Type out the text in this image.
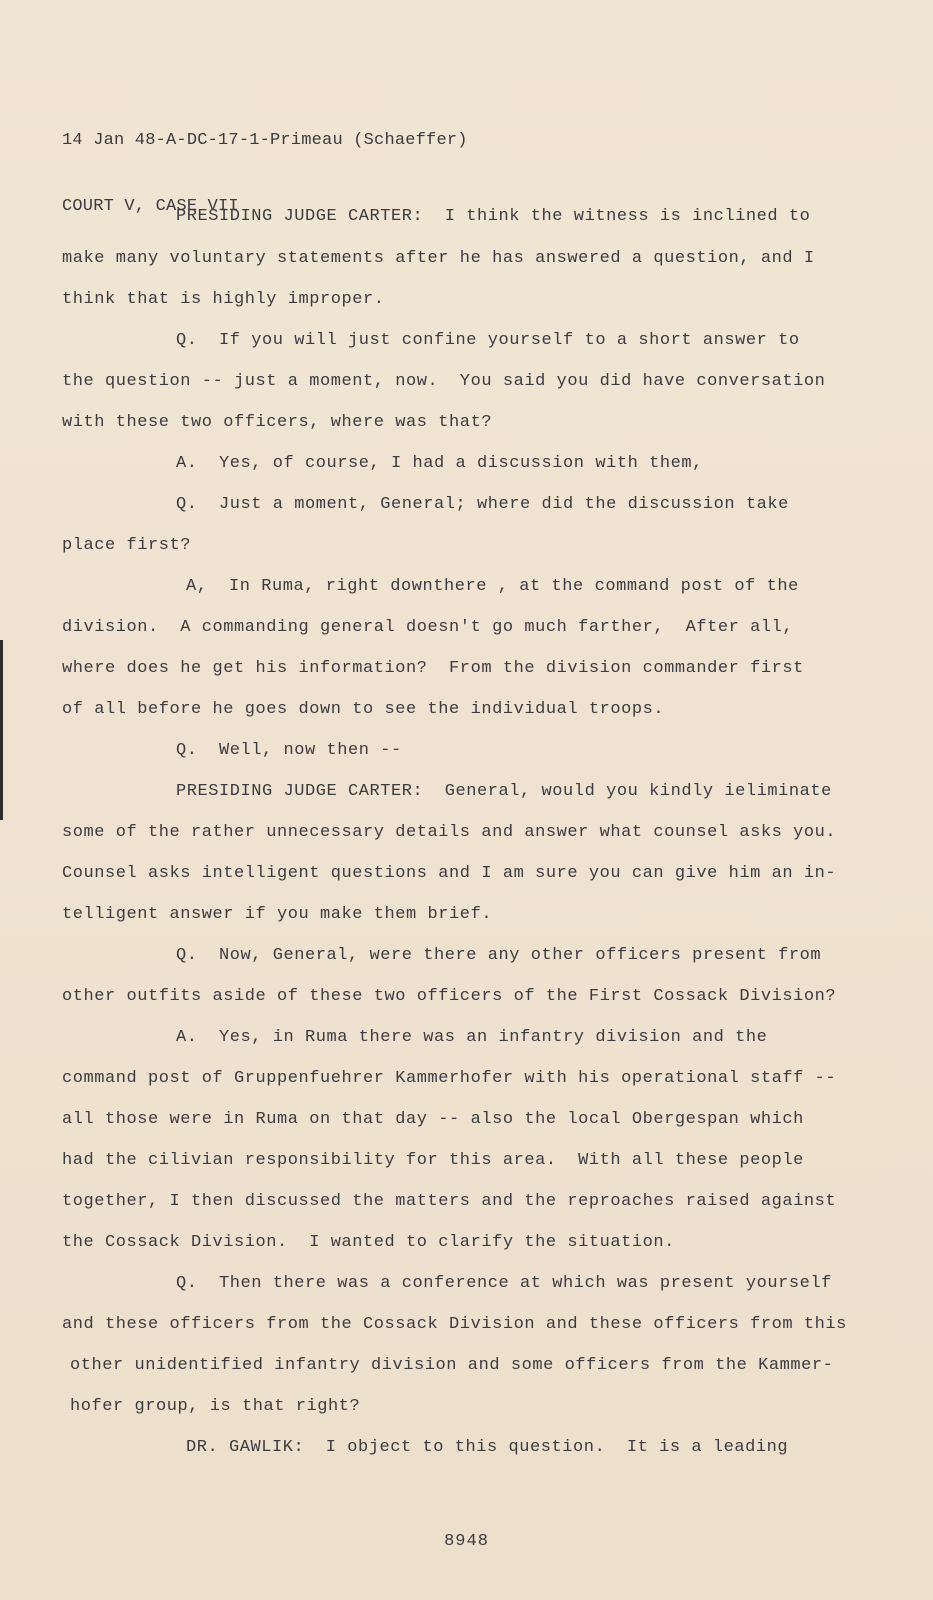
14 Jan 48-A-DC-17-1-Primeau (Schaeffer)

COURT V, CASE VII

PRESIDING JUDGE CARTER:  I think the witness is inclined to
make many voluntary statements after he has answered a question, and I
think that is highly improper.
Q.  If you will just confine yourself to a short answer to
the question -- just a moment, now.  You said you did have conversation
with these two officers, where was that?
A.  Yes, of course, I had a discussion with them,
Q.  Just a moment, General; where did the discussion take
place first?
A,  In Ruma, right downthere , at the command post of the
division.  A commanding general doesn't go much farther,  After all,
where does he get his information?  From the division commander first
of all before he goes down to see the individual troops.
Q.  Well, now then --
PRESIDING JUDGE CARTER:  General, would you kindly ieliminate
some of the rather unnecessary details and answer what counsel asks you.
Counsel asks intelligent questions and I am sure you can give him an in-
telligent answer if you make them brief.
Q.  Now, General, were there any other officers present from
other outfits aside of these two officers of the First Cossack Division?
A.  Yes, in Ruma there was an infantry division and the
command post of Gruppenfuehrer Kammerhofer with his operational staff --
all those were in Ruma on that day -- also the local Obergespan which
had the cilivian responsibility for this area.  With all these people
together, I then discussed the matters and the reproaches raised against
the Cossack Division.  I wanted to clarify the situation.
Q.  Then there was a conference at which was present yourself
and these officers from the Cossack Division and these officers from this
other unidentified infantry division and some officers from the Kammer-
hofer group, is that right?
DR. GAWLIK:  I object to this question.  It is a leading
8948
